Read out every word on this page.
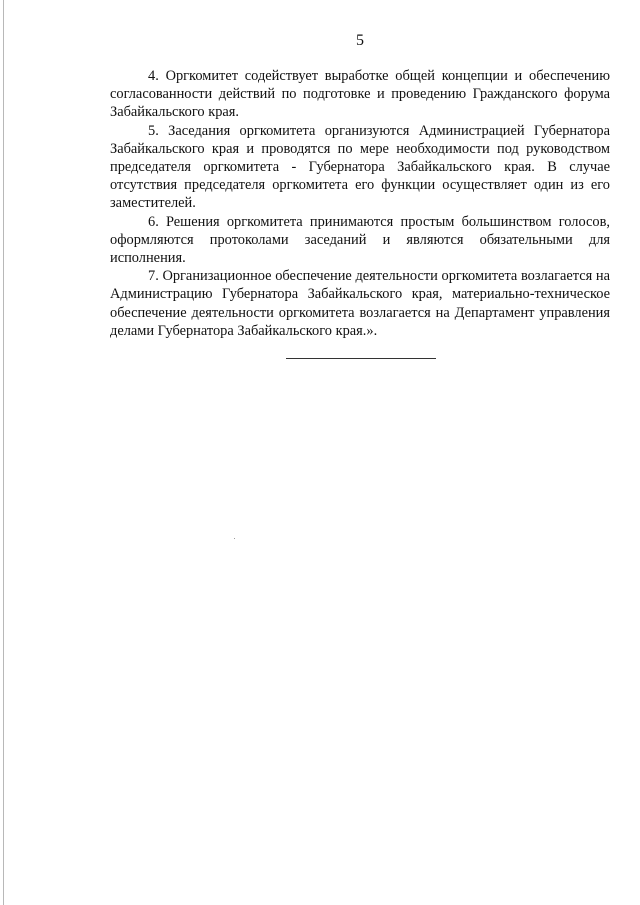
5

4. Оргкомитет содействует выработке общей концепции и обеспечению согласованности действий по подготовке и проведению Гражданского форума Забайкальского края.

5. Заседания оргкомитета организуются Администрацией Губернатора Забайкальского края и проводятся по мере необходимости под руководством председателя оргкомитета - Губернатора Забайкальского края. В случае отсутствия председателя оргкомитета его функции осуществляет один из его заместителей.

6. Решения оргкомитета принимаются простым большинством голосов, оформляются протоколами заседаний и являются обязательными для исполнения.

7. Организационное обеспечение деятельности оргкомитета возлагается на Администрацию Губернатора Забайкальского края, материально-техническое обеспечение деятельности оргкомитета возлагается на Департамент управления делами Губернатора Забайкальского края.».
